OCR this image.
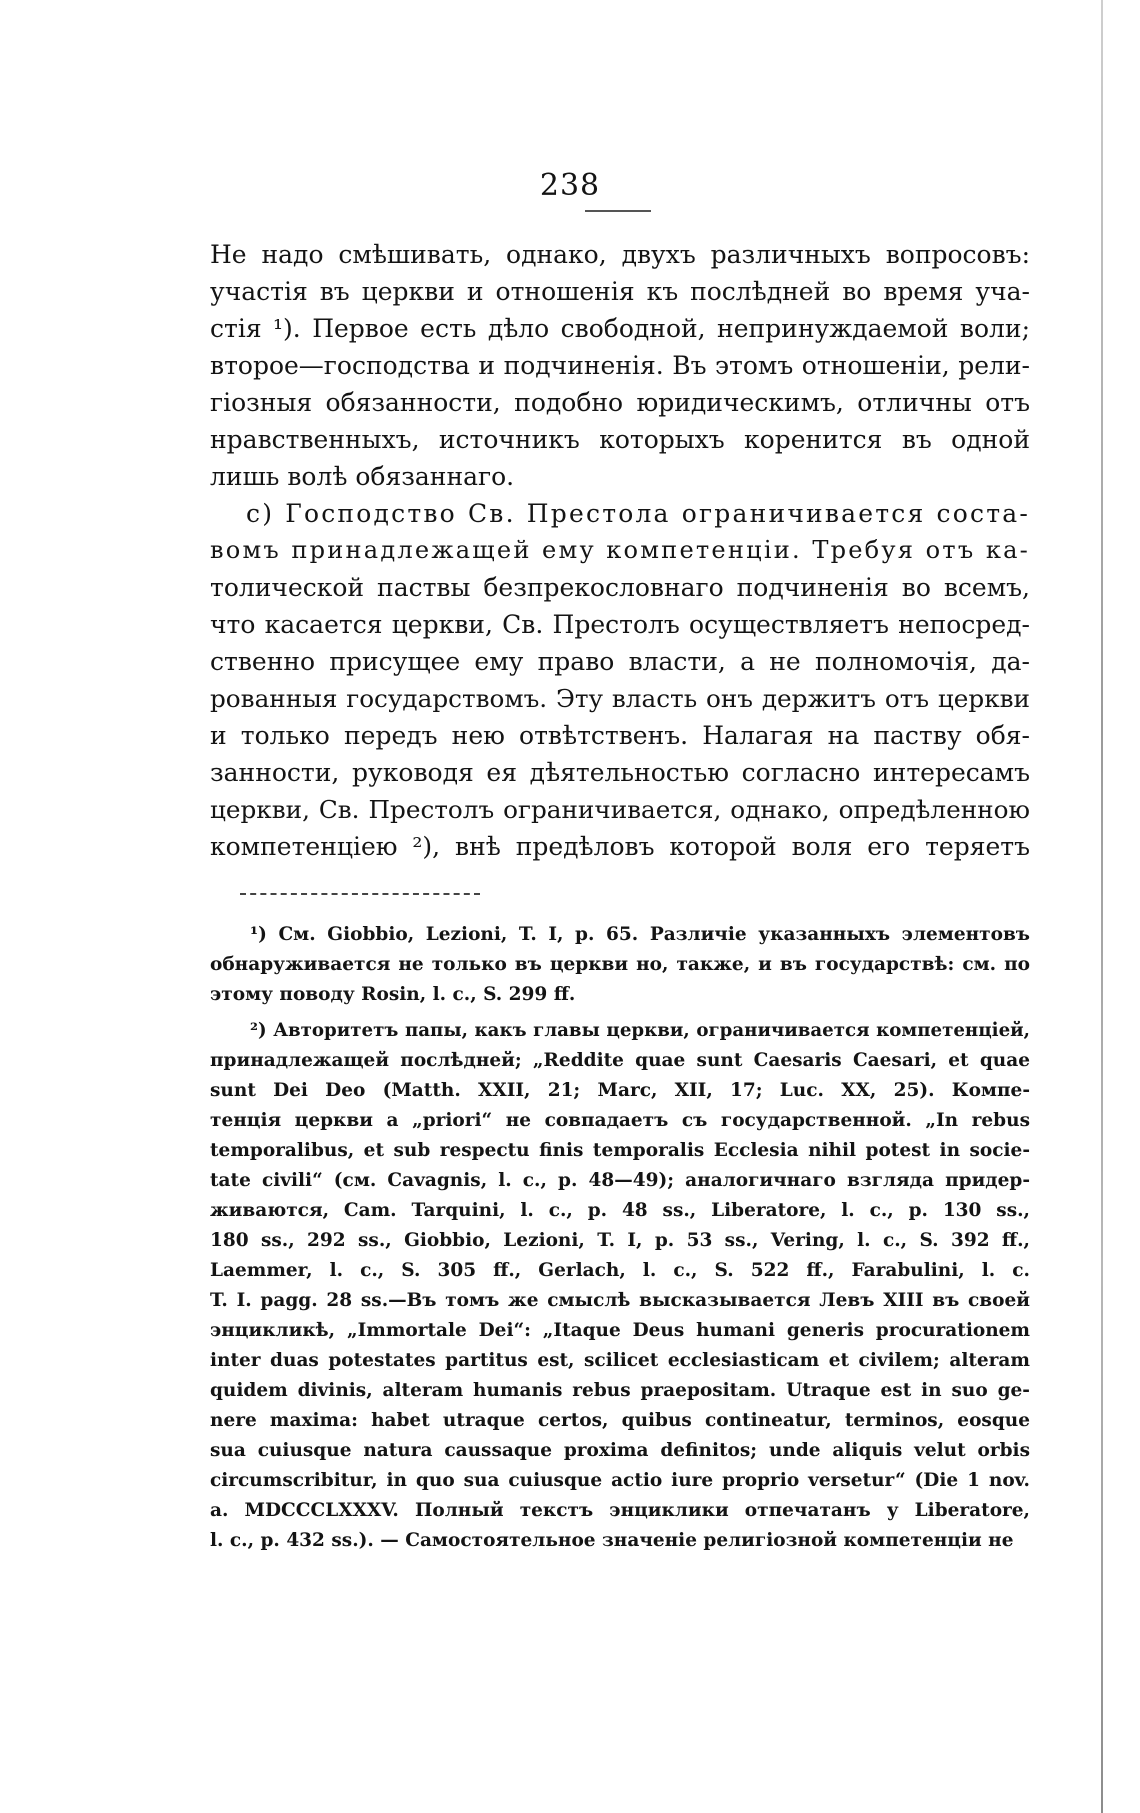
238
Не надо смѣшивать, однако, двухъ различныхъ вопросовъ:
участія въ церкви и отношенія къ послѣдней во время уча-
стія ¹). Первое есть дѣло свободной, непринуждаемой воли;
второе—господства и подчиненія. Въ этомъ отношеніи, рели-
гіозныя обязанности, подобно юридическимъ, отличны отъ
нравственныхъ, источникъ которыхъ коренится въ одной
лишь волѣ обязаннаго.
с) Господство Св. Престола ограничивается соста-
вомъ принадлежащей ему компетенціи. Требуя отъ ка-
толической паствы безпрекословнаго подчиненія во всемъ,
что касается церкви, Св. Престолъ осуществляетъ непосред-
ственно присущее ему право власти, а не полномочія, да-
рованныя государствомъ. Эту власть онъ держитъ отъ церкви
и только передъ нею отвѣтственъ. Налагая на паству обя-
занности, руководя ея дѣятельностью согласно интересамъ
церкви, Св. Престолъ ограничивается, однако, опредѣленною
компетенціею ²), внѣ предѣловъ которой воля его теряетъ
¹) См. Giobbio, Lezioni, T. I, p. 65. Различіе указанныхъ элементовъ
обнаруживается не только въ церкви но, также, и въ государствѣ: см. по
этому поводу Rosin, l. c., S. 299 ff.
²) Авторитетъ папы, какъ главы церкви, ограничивается компетенціей,
принадлежащей послѣдней; „Reddite quae sunt Caesaris Caesari, et quae
sunt Dei Deo (Matth. XXII, 21; Marc, XII, 17; Luc. XX, 25). Компе-
тенція церкви a „priori“ не совпадаетъ съ государственной. „In rebus
temporalibus, et sub respectu finis temporalis Ecclesia nihil potest in socie-
tate civili“ (см. Cavagnis, l. c., p. 48—49); аналогичнаго взгляда придер-
живаются, Cam. Tarquini, l. c., p. 48 ss., Liberatore, l. c., p. 130 ss.,
180 ss., 292 ss., Giobbio, Lezioni, T. I, p. 53 ss., Vering, l. c., S. 392 ff.,
Laemmer, l. c., S. 305 ff., Gerlach, l. c., S. 522 ff., Farabulini, l. c.
T. I. pagg. 28 ss.—Въ томъ же смыслѣ высказывается Левъ XIII въ своей
энцикликѣ, „Immortale Dei“: „Itaque Deus humani generis procurationem
inter duas potestates partitus est, scilicet ecclesiasticam et civilem; alteram
quidem divinis, alteram humanis rebus praepositam. Utraque est in suo ge-
nere maxima: habet utraque certos, quibus contineatur, terminos, eosque
sua cuiusque natura caussaque proxima definitos; unde aliquis velut orbis
circumscribitur, in quo sua cuiusque actio iure proprio versetur“ (Die 1 nov.
a. MDCCCLXXXV. Полный текстъ энциклики отпечатанъ у Liberatore,
l. c., p. 432 ss.). — Самостоятельное значеніе религіозной компетенціи не
